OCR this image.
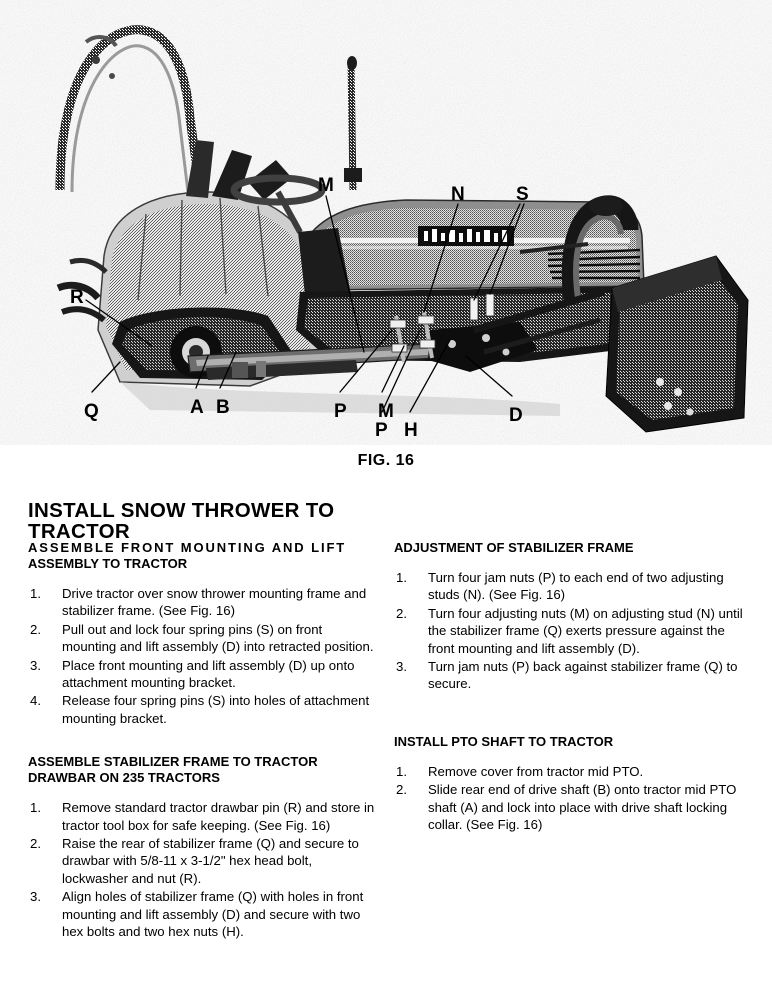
M	N	S
R
Q	A B	P M
P H
D
FIG. 16
INSTALL SNOW THROWER TO
TRACTOR
ASSEMBLE FRONT MOUNTING AND LIFT
ASSEMBLY TO TRACTOR
1.	Drive tractor over snow thrower mounting frame and stabilizer frame. (See Fig. 16)
2.	Pull out and lock four spring pins (S) on front mounting and lift assembly (D) into retracted position.
3.	Place front mounting and lift assembly (D) up onto attachment mounting bracket.
4.	Release four spring pins (S) into holes of attachment mounting bracket.
ASSEMBLE STABILIZER FRAME TO TRACTOR
DRAWBAR ON 235 TRACTORS
1.	Remove standard tractor drawbar pin (R) and store in tractor tool box for safe keeping. (See Fig. 16)
2.	Raise the rear of stabilizer frame (Q) and secure to drawbar with 5/8-11 x 3-1/2" hex head bolt, lockwasher and nut (R).
3.	Align holes of stabilizer frame (Q) with holes in front mounting and lift assembly (D) and secure with two hex bolts and two hex nuts (H).
ADJUSTMENT OF STABILIZER FRAME
1.	Turn four jam nuts (P) to each end of two adjusting studs (N). (See Fig. 16)
2.	Turn four adjusting nuts (M) on adjusting stud (N) until the stabilizer frame (Q) exerts pressure against the front mounting and lift assembly (D).
3.	Turn jam nuts (P) back against stabilizer frame (Q) to secure.
INSTALL PTO SHAFT TO TRACTOR
1.	Remove cover from tractor mid PTO.
2.	Slide rear end of drive shaft (B) onto tractor mid PTO shaft (A) and lock into place with drive shaft locking collar. (See Fig. 16)
